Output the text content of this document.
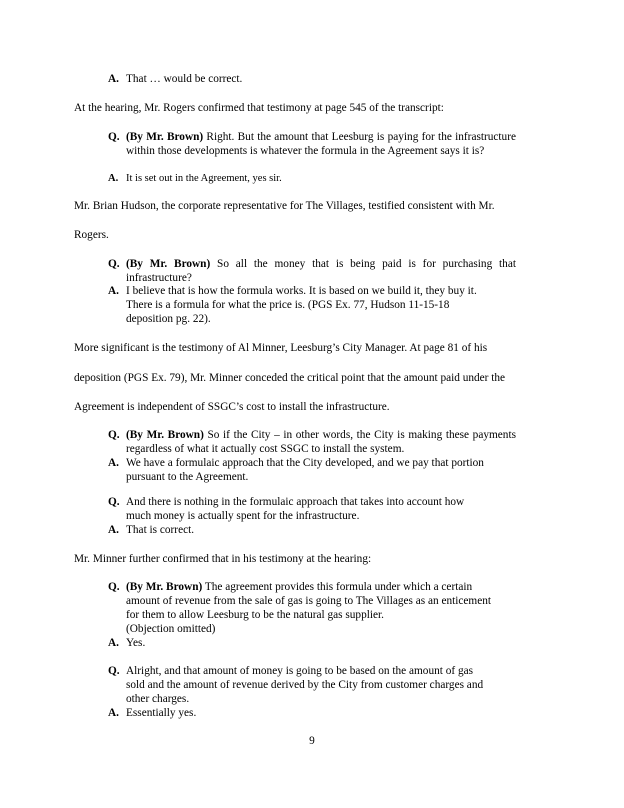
A. That … would be correct.

At the hearing, Mr. Rogers confirmed that testimony at page 545 of the transcript:

Q. (By Mr. Brown) Right. But the amount that Leesburg is paying for the infrastructure within those developments is whatever the formula in the Agreement says it is?
A. It is set out in the Agreement, yes sir.

Mr. Brian Hudson, the corporate representative for The Villages, testified consistent with Mr.

Rogers.

Q. (By Mr. Brown) So all the money that is being paid is for purchasing that infrastructure?
A. I believe that is how the formula works. It is based on we build it, they buy it.
There is a formula for what the price is. (PGS Ex. 77, Hudson 11-15-18
deposition pg. 22).

More significant is the testimony of Al Minner, Leesburg’s City Manager. At page 81 of his

deposition (PGS Ex. 79), Mr. Minner conceded the critical point that the amount paid under the

Agreement is independent of SSGC’s cost to install the infrastructure.

Q. (By Mr. Brown) So if the City – in other words, the City is making these payments regardless of what it actually cost SSGC to install the system.
A. We have a formulaic approach that the City developed, and we pay that portion
pursuant to the Agreement.
Q. And there is nothing in the formulaic approach that takes into account how
much money is actually spent for the infrastructure.
A. That is correct.

Mr. Minner further confirmed that in his testimony at the hearing:

Q. (By Mr. Brown) The agreement provides this formula under which a certain
amount of revenue from the sale of gas is going to The Villages as an enticement
for them to allow Leesburg to be the natural gas supplier.
(Objection omitted)
A. Yes.
Q. Alright, and that amount of money is going to be based on the amount of gas
sold and the amount of revenue derived by the City from customer charges and
other charges.
A. Essentially yes.
9
